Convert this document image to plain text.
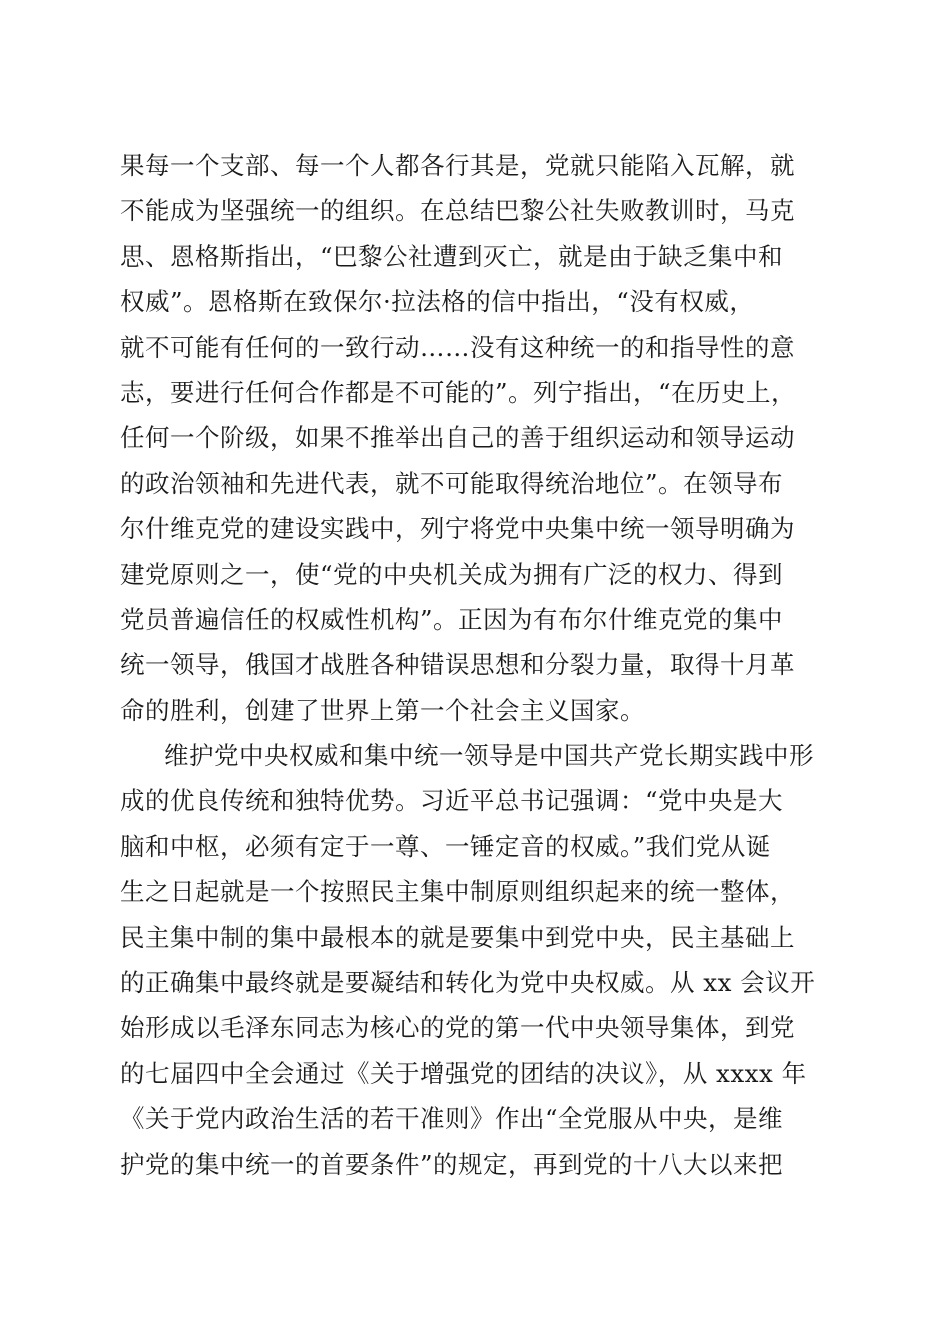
果每一个支部、每一个人都各行其是，党就只能陷入瓦解，就
不能成为坚强统一的组织。在总结巴黎公社失败教训时，马克
思、恩格斯指出，“巴黎公社遭到灭亡，就是由于缺乏集中和
权威”。恩格斯在致保尔·拉法格的信中指出，“没有权威，
就不可能有任何的一致行动……没有这种统一的和指导性的意
志，要进行任何合作都是不可能的”。列宁指出，“在历史上，
任何一个阶级，如果不推举出自己的善于组织运动和领导运动
的政治领袖和先进代表，就不可能取得统治地位”。在领导布
尔什维克党的建设实践中，列宁将党中央集中统一领导明确为
建党原则之一，使“党的中央机关成为拥有广泛的权力、得到
党员普遍信任的权威性机构”。正因为有布尔什维克党的集中
统一领导，俄国才战胜各种错误思想和分裂力量，取得十月革
命的胜利，创建了世界上第一个社会主义国家。
维护党中央权威和集中统一领导是中国共产党长期实践中形
成的优良传统和独特优势。习近平总书记强调：“党中央是大
脑和中枢，必须有定于一尊、一锤定音的权威。”我们党从诞
生之日起就是一个按照民主集中制原则组织起来的统一整体，
民主集中制的集中最根本的就是要集中到党中央，民主基础上
的正确集中最终就是要凝结和转化为党中央权威。从 xx 会议开
始形成以毛泽东同志为核心的党的第一代中央领导集体，到党
的七届四中全会通过《关于增强党的团结的决议》，从 xxxx 年
《关于党内政治生活的若干准则》作出“全党服从中央，是维
护党的集中统一的首要条件”的规定，再到党的十八大以来把
